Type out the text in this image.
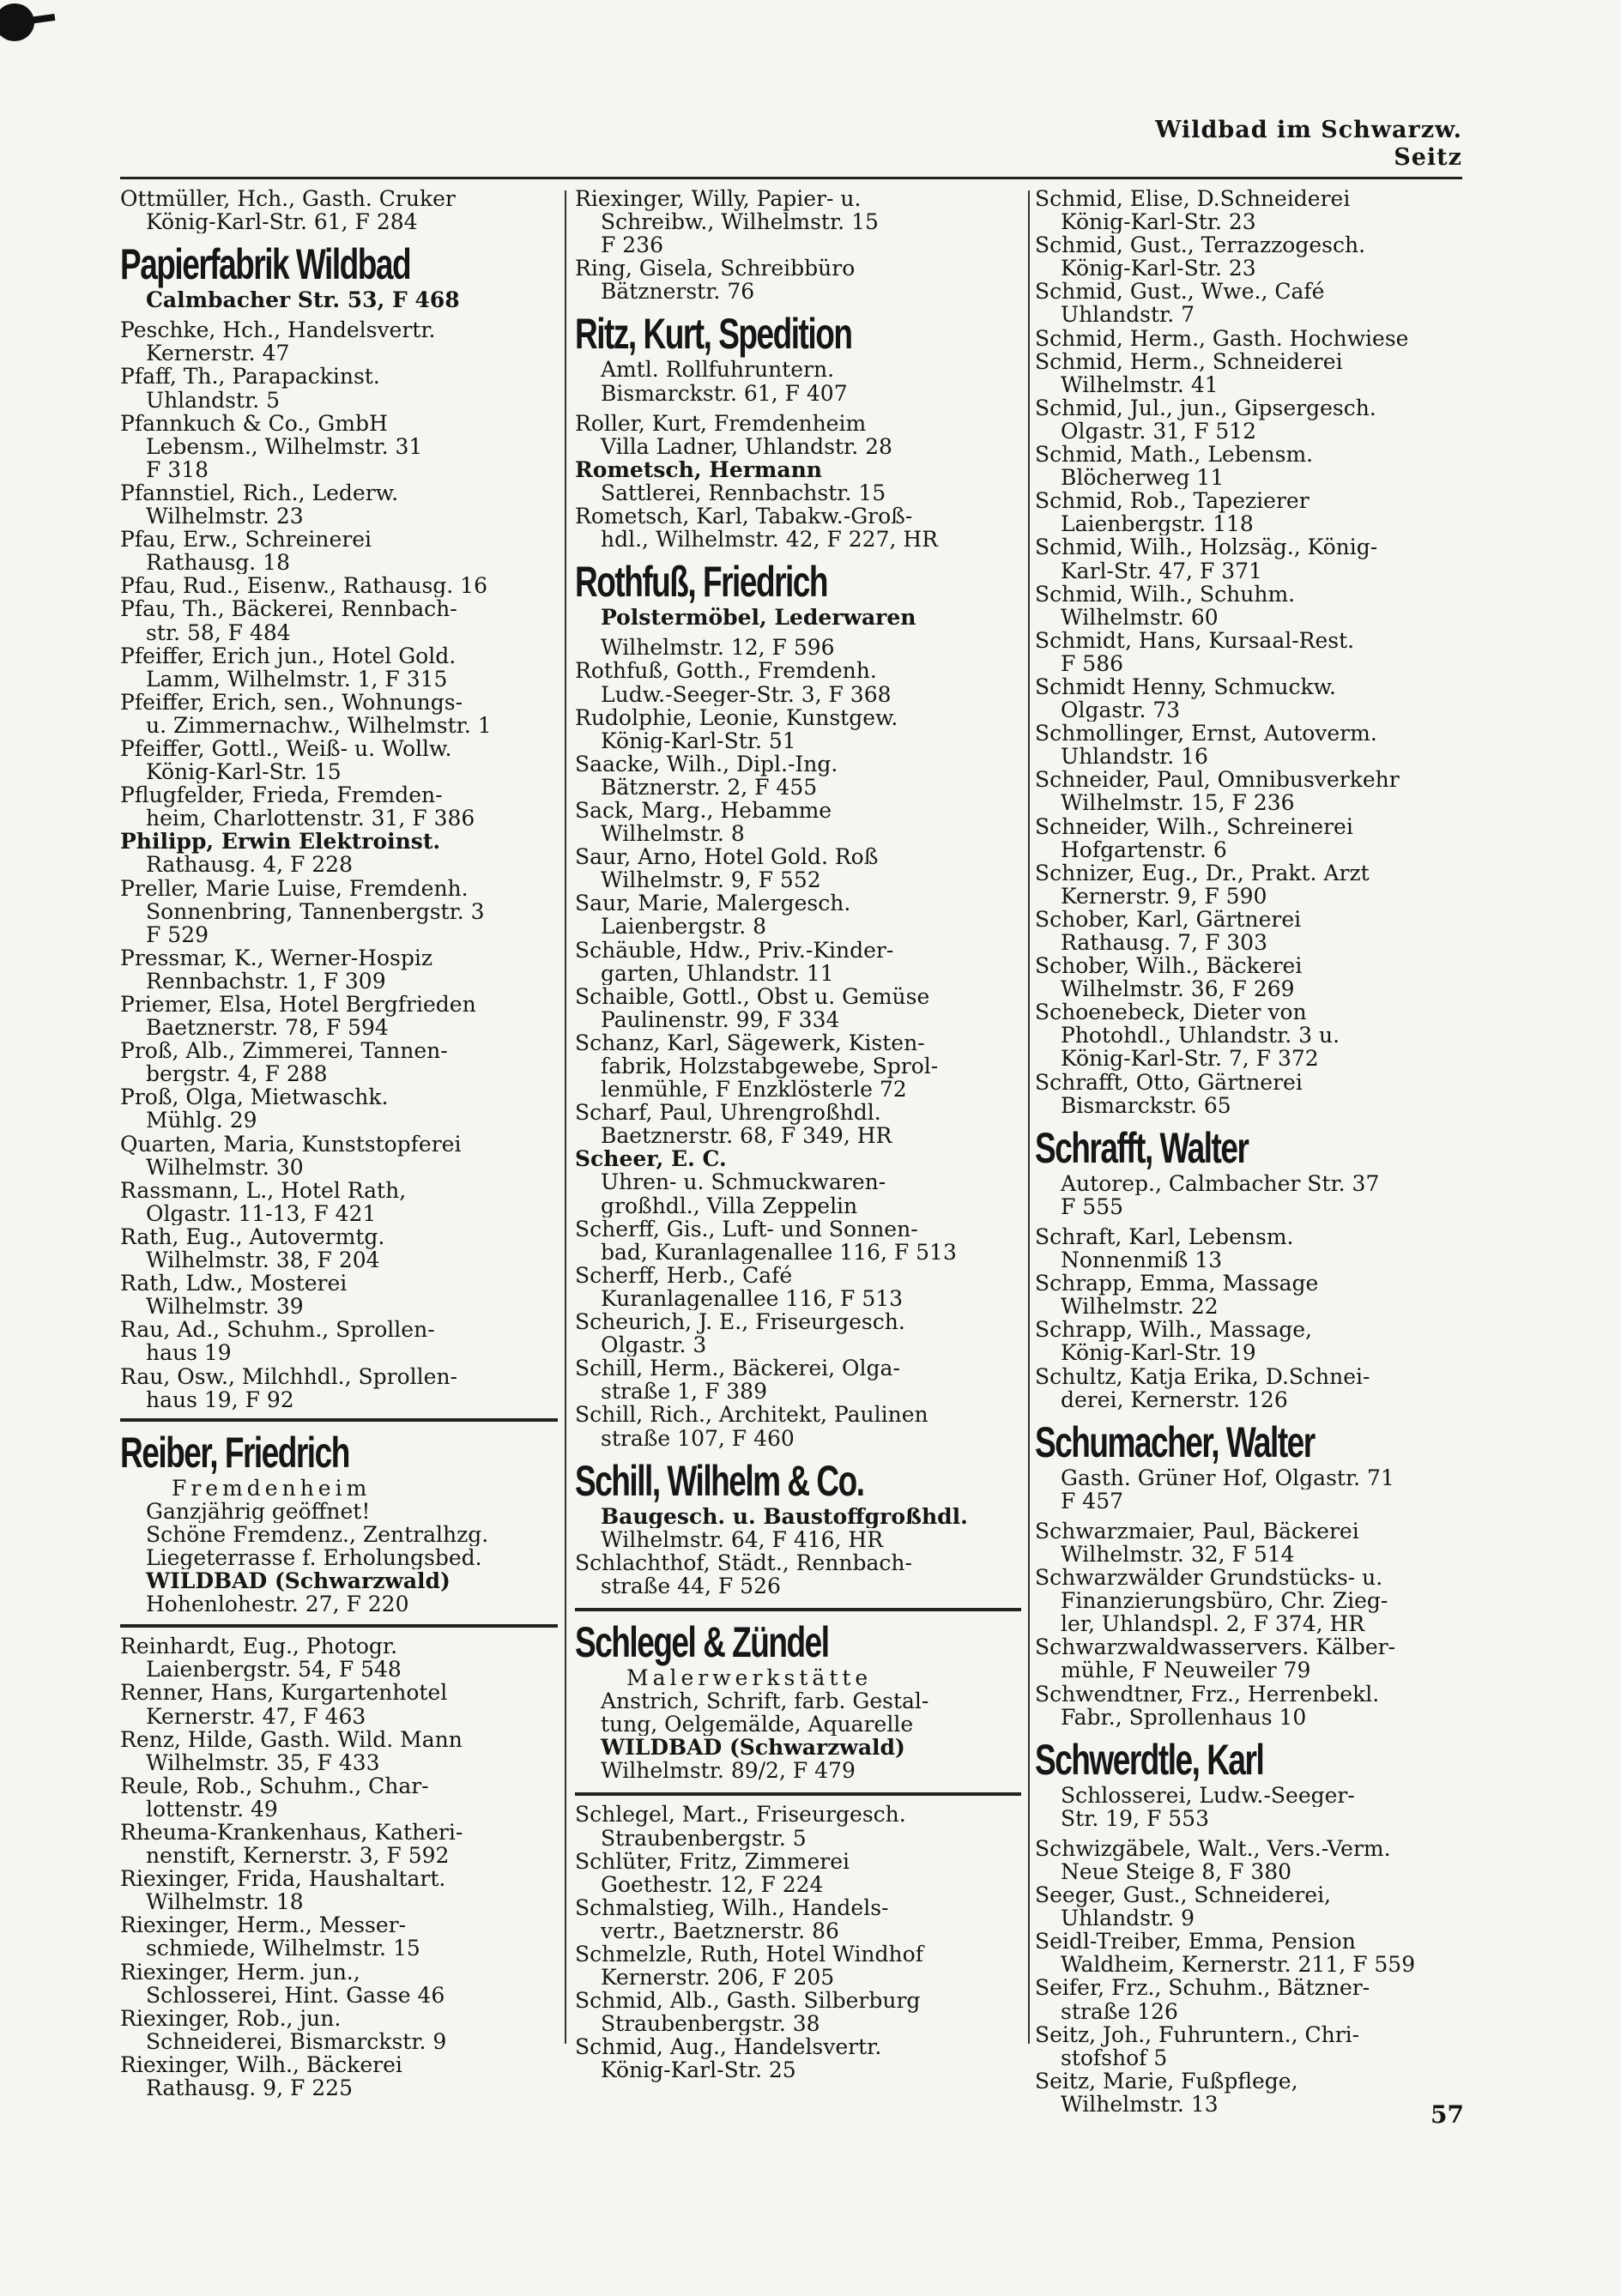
Wildbad im Schwarzw.
Seitz
Ottmüller, Hch., Gasth. Cruker
König-Karl-Str. 61, F 284
Papierfabrik Wildbad
Calmbacher Str. 53, F 468
Peschke, Hch., Handelsvertr.
Kernerstr. 47
Pfaff, Th., Parapackinst.
Uhlandstr. 5
Pfannkuch & Co., GmbH
Lebensm., Wilhelmstr. 31
F 318
Pfannstiel, Rich., Lederw.
Wilhelmstr. 23
Pfau, Erw., Schreinerei
Rathausg. 18
Pfau, Rud., Eisenw., Rathausg. 16
Pfau, Th., Bäckerei, Rennbach-
str. 58, F 484
Pfeiffer, Erich jun., Hotel Gold.
Lamm, Wilhelmstr. 1, F 315
Pfeiffer, Erich, sen., Wohnungs-
u. Zimmernachw., Wilhelmstr. 1
Pfeiffer, Gottl., Weiß- u. Wollw.
König-Karl-Str. 15
Pflugfelder, Frieda, Fremden-
heim, Charlottenstr. 31, F 386
Philipp, Erwin Elektroinst.
Rathausg. 4, F 228
Preller, Marie Luise, Fremdenh.
Sonnenbring, Tannenbergstr. 3
F 529
Pressmar, K., Werner-Hospiz
Rennbachstr. 1, F 309
Priemer, Elsa, Hotel Bergfrieden
Baetznerstr. 78, F 594
Proß, Alb., Zimmerei, Tannen-
bergstr. 4, F 288
Proß, Olga, Mietwaschk.
Mühlg. 29
Quarten, Maria, Kunststopferei
Wilhelmstr. 30
Rassmann, L., Hotel Rath,
Olgastr. 11-13, F 421
Rath, Eug., Autovermtg.
Wilhelmstr. 38, F 204
Rath, Ldw., Mosterei
Wilhelmstr. 39
Rau, Ad., Schuhm., Sprollen-
haus 19
Rau, Osw., Milchhdl., Sprollen-
haus 19, F 92
Reiber, Friedrich
Fremdenheim
Ganzjährig geöffnet!
Schöne Fremdenz., Zentralhzg.
Liegeterrasse f. Erholungsbed.
WILDBAD (Schwarzwald)
Hohenlohestr. 27, F 220
Reinhardt, Eug., Photogr.
Laienbergstr. 54, F 548
Renner, Hans, Kurgartenhotel
Kernerstr. 47, F 463
Renz, Hilde, Gasth. Wild. Mann
Wilhelmstr. 35, F 433
Reule, Rob., Schuhm., Char-
lottenstr. 49
Rheuma-Krankenhaus, Katheri-
nenstift, Kernerstr. 3, F 592
Riexinger, Frida, Haushaltart.
Wilhelmstr. 18
Riexinger, Herm., Messer-
schmiede, Wilhelmstr. 15
Riexinger, Herm. jun.,
Schlosserei, Hint. Gasse 46
Riexinger, Rob., jun.
Schneiderei, Bismarckstr. 9
Riexinger, Wilh., Bäckerei
Rathausg. 9, F 225
Riexinger, Willy, Papier- u.
Schreibw., Wilhelmstr. 15
F 236
Ring, Gisela, Schreibbüro
Bätznerstr. 76
Ritz, Kurt, Spedition
Amtl. Rollfuhruntern.
Bismarckstr. 61, F 407
Roller, Kurt, Fremdenheim
Villa Ladner, Uhlandstr. 28
Rometsch, Hermann
Sattlerei, Rennbachstr. 15
Rometsch, Karl, Tabakw.-Groß-
hdl., Wilhelmstr. 42, F 227, HR
Rothfuß, Friedrich
Polstermöbel, Lederwaren
Wilhelmstr. 12, F 596
Rothfuß, Gotth., Fremdenh.
Ludw.-Seeger-Str. 3, F 368
Rudolphie, Leonie, Kunstgew.
König-Karl-Str. 51
Saacke, Wilh., Dipl.-Ing.
Bätznerstr. 2, F 455
Sack, Marg., Hebamme
Wilhelmstr. 8
Saur, Arno, Hotel Gold. Roß
Wilhelmstr. 9, F 552
Saur, Marie, Malergesch.
Laienbergstr. 8
Schäuble, Hdw., Priv.-Kinder-
garten, Uhlandstr. 11
Schaible, Gottl., Obst u. Gemüse
Paulinenstr. 99, F 334
Schanz, Karl, Sägewerk, Kisten-
fabrik, Holzstabgewebe, Sprol-
lenmühle, F Enzklösterle 72
Scharf, Paul, Uhrengroßhdl.
Baetznerstr. 68, F 349, HR
Scheer, E. C.
Uhren- u. Schmuckwaren-
großhdl., Villa Zeppelin
Scherff, Gis., Luft- und Sonnen-
bad, Kuranlagenallee 116, F 513
Scherff, Herb., Café
Kuranlagenallee 116, F 513
Scheurich, J. E., Friseurgesch.
Olgastr. 3
Schill, Herm., Bäckerei, Olga-
straße 1, F 389
Schill, Rich., Architekt, Paulinen
straße 107, F 460
Schill, Wilhelm & Co.
Baugesch. u. Baustoffgroßhdl.
Wilhelmstr. 64, F 416, HR
Schlachthof, Städt., Rennbach-
straße 44, F 526
Schlegel & Zündel
Malerwerkstätte
Anstrich, Schrift, farb. Gestal-
tung, Oelgemälde, Aquarelle
WILDBAD (Schwarzwald)
Wilhelmstr. 89/2, F 479
Schlegel, Mart., Friseurgesch.
Straubenbergstr. 5
Schlüter, Fritz, Zimmerei
Goethestr. 12, F 224
Schmalstieg, Wilh., Handels-
vertr., Baetznerstr. 86
Schmelzle, Ruth, Hotel Windhof
Kernerstr. 206, F 205
Schmid, Alb., Gasth. Silberburg
Straubenbergstr. 38
Schmid, Aug., Handelsvertr.
König-Karl-Str. 25
Schmid, Elise, D.Schneiderei
König-Karl-Str. 23
Schmid, Gust., Terrazzogesch.
König-Karl-Str. 23
Schmid, Gust., Wwe., Café
Uhlandstr. 7
Schmid, Herm., Gasth. Hochwiese
Schmid, Herm., Schneiderei
Wilhelmstr. 41
Schmid, Jul., jun., Gipsergesch.
Olgastr. 31, F 512
Schmid, Math., Lebensm.
Blöcherweg 11
Schmid, Rob., Tapezierer
Laienbergstr. 118
Schmid, Wilh., Holzsäg., König-
Karl-Str. 47, F 371
Schmid, Wilh., Schuhm.
Wilhelmstr. 60
Schmidt, Hans, Kursaal-Rest.
F 586
Schmidt Henny, Schmuckw.
Olgastr. 73
Schmollinger, Ernst, Autoverm.
Uhlandstr. 16
Schneider, Paul, Omnibusverkehr
Wilhelmstr. 15, F 236
Schneider, Wilh., Schreinerei
Hofgartenstr. 6
Schnizer, Eug., Dr., Prakt. Arzt
Kernerstr. 9, F 590
Schober, Karl, Gärtnerei
Rathausg. 7, F 303
Schober, Wilh., Bäckerei
Wilhelmstr. 36, F 269
Schoenebeck, Dieter von
Photohdl., Uhlandstr. 3 u.
König-Karl-Str. 7, F 372
Schrafft, Otto, Gärtnerei
Bismarckstr. 65
Schrafft, Walter
Autorep., Calmbacher Str. 37
F 555
Schraft, Karl, Lebensm.
Nonnenmiß 13
Schrapp, Emma, Massage
Wilhelmstr. 22
Schrapp, Wilh., Massage,
König-Karl-Str. 19
Schultz, Katja Erika, D.Schnei-
derei, Kernerstr. 126
Schumacher, Walter
Gasth. Grüner Hof, Olgastr. 71
F 457
Schwarzmaier, Paul, Bäckerei
Wilhelmstr. 32, F 514
Schwarzwälder Grundstücks- u.
Finanzierungsbüro, Chr. Zieg-
ler, Uhlandspl. 2, F 374, HR
Schwarzwaldwasservers. Kälber-
mühle, F Neuweiler 79
Schwendtner, Frz., Herrenbekl.
Fabr., Sprollenhaus 10
Schwerdtle, Karl
Schlosserei, Ludw.-Seeger-
Str. 19, F 553
Schwizgäbele, Walt., Vers.-Verm.
Neue Steige 8, F 380
Seeger, Gust., Schneiderei,
Uhlandstr. 9
Seidl-Treiber, Emma, Pension
Waldheim, Kernerstr. 211, F 559
Seifer, Frz., Schuhm., Bätzner-
straße 126
Seitz, Joh., Fuhruntern., Chri-
stofshof 5
Seitz, Marie, Fußpflege,
Wilhelmstr. 13	57
